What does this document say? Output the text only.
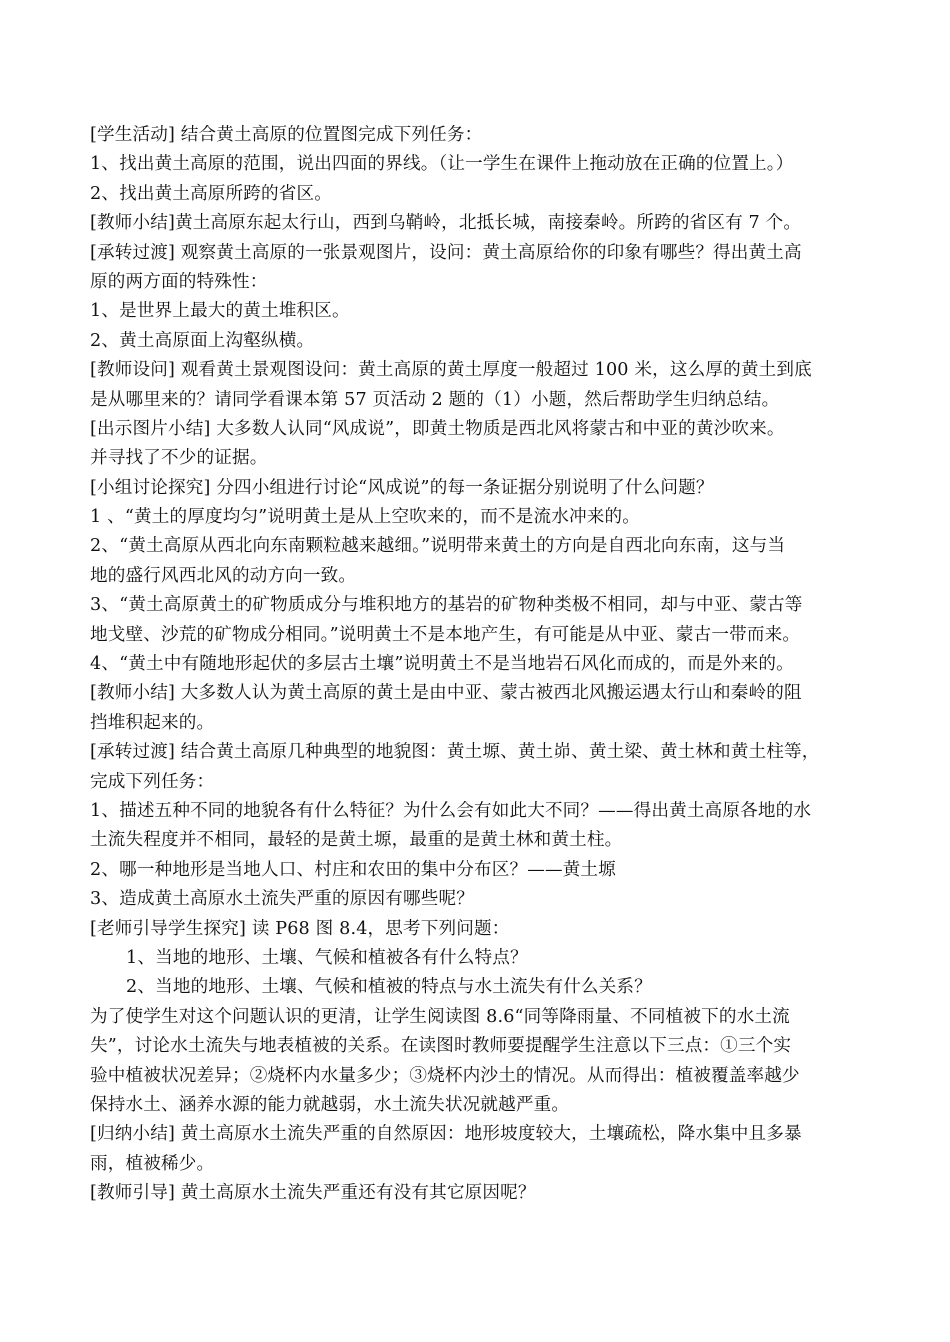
[学生活动] 结合黄土高原的位置图完成下列任务：
1、找出黄土高原的范围，说出四面的界线。（让一学生在课件上拖动放在正确的位置上。）
2、找出黄土高原所跨的省区。
[教师小结]黄土高原东起太行山，西到乌鞘岭，北抵长城，南接秦岭。所跨的省区有 7 个。
[承转过渡] 观察黄土高原的一张景观图片，设问：黄土高原给你的印象有哪些？得出黄土高
原的两方面的特殊性：
1、是世界上最大的黄土堆积区。
2、黄土高原面上沟壑纵横。
[教师设问] 观看黄土景观图设问：黄土高原的黄土厚度一般超过 100 米，这么厚的黄土到底
是从哪里来的？请同学看课本第 57 页活动 2 题的（1）小题，然后帮助学生归纳总结。
[出示图片小结] 大多数人认同“风成说”，即黄土物质是西北风将蒙古和中亚的黄沙吹来。
并寻找了不少的证据。
[小组讨论探究] 分四小组进行讨论“风成说”的每一条证据分别说明了什么问题？
1 、“黄土的厚度均匀”说明黄土是从上空吹来的，而不是流水冲来的。
2、“黄土高原从西北向东南颗粒越来越细。”说明带来黄土的方向是自西北向东南，这与当
地的盛行风西北风的动方向一致。
3、“黄土高原黄土的矿物质成分与堆积地方的基岩的矿物种类极不相同，却与中亚、蒙古等
地戈壁、沙荒的矿物成分相同。”说明黄土不是本地产生，有可能是从中亚、蒙古一带而来。
4、“黄土中有随地形起伏的多层古土壤”说明黄土不是当地岩石风化而成的，而是外来的。
[教师小结] 大多数人认为黄土高原的黄土是由中亚、蒙古被西北风搬运遇太行山和秦岭的阻
挡堆积起来的。
[承转过渡] 结合黄土高原几种典型的地貌图：黄土塬、黄土峁、黄土梁、黄土林和黄土柱等，
完成下列任务：
1、描述五种不同的地貌各有什么特征？为什么会有如此大不同？——得出黄土高原各地的水
土流失程度并不相同，最轻的是黄土塬，最重的是黄土林和黄土柱。
2、哪一种地形是当地人口、村庄和农田的集中分布区？——黄土塬
3、造成黄土高原水土流失严重的原因有哪些呢？
[老师引导学生探究] 读 P68 图 8.4，思考下列问题：
1、当地的地形、土壤、气候和植被各有什么特点？
2、当地的地形、土壤、气候和植被的特点与水土流失有什么关系？
为了使学生对这个问题认识的更清，让学生阅读图 8.6“同等降雨量、不同植被下的水土流
失”，讨论水土流失与地表植被的关系。在读图时教师要提醒学生注意以下三点：①三个实
验中植被状况差异；②烧杯内水量多少；③烧杯内沙土的情况。从而得出：植被覆盖率越少
保持水土、涵养水源的能力就越弱，水土流失状况就越严重。
[归纳小结] 黄土高原水土流失严重的自然原因：地形坡度较大，土壤疏松，降水集中且多暴
雨，植被稀少。
[教师引导] 黄土高原水土流失严重还有没有其它原因呢？
